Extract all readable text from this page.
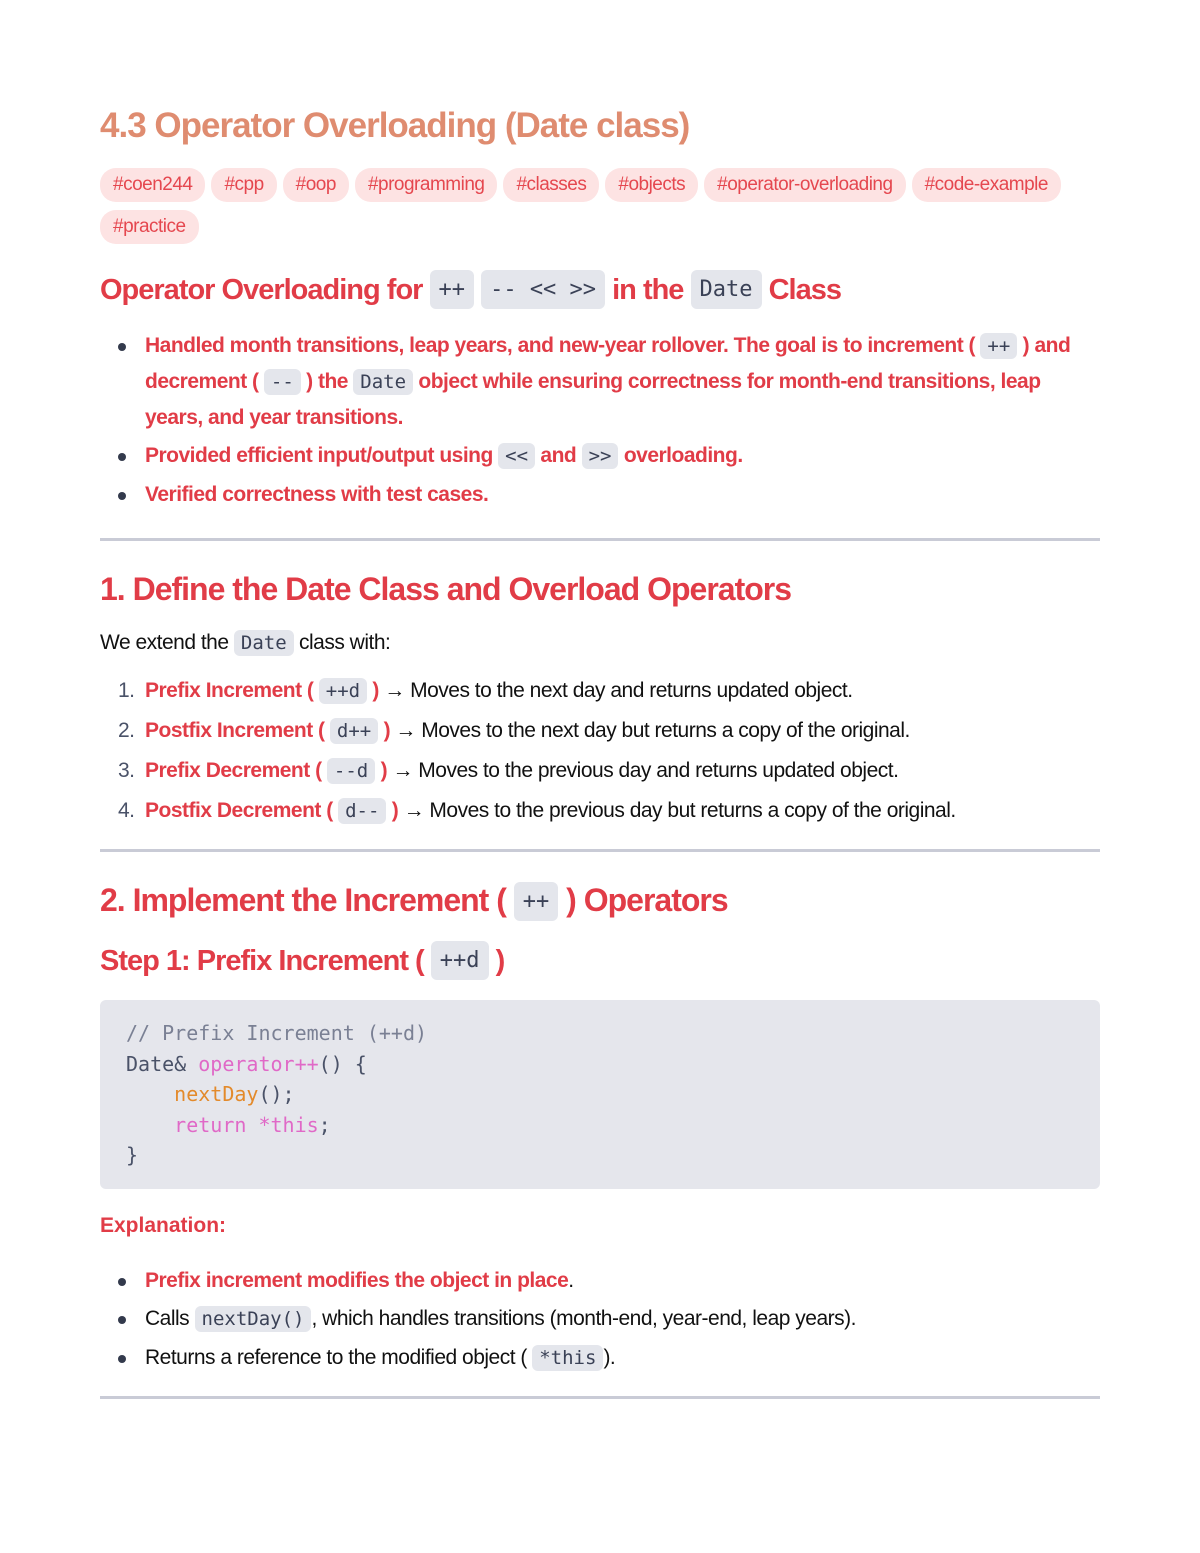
4.3 Operator Overloading (Date class)
#coen244	#cpp	#oop	#programming	#classes	#objects	#operator-overloading	#code-example
#practice
Operator Overloading for ++ -- << >> in the Date Class
Handled month transitions, leap years, and new-year rollover. The goal is to increment ( ++ ) and decrement ( -- ) the Date object while ensuring correctness for month-end transitions, leap years, and year transitions.
Provided efficient input/output using << and >> overloading.
Verified correctness with test cases.
1. Define the Date Class and Overload Operators

We extend the Date class with:

1. Prefix Increment ( ++d ) → Moves to the next day and returns updated object.
2. Postfix Increment ( d++ ) → Moves to the next day but returns a copy of the original.
3. Prefix Decrement ( --d ) → Moves to the previous day and returns updated object.
4. Postfix Decrement ( d-- ) → Moves to the previous day but returns a copy of the original.
2. Implement the Increment ( ++ ) Operators
Step 1: Prefix Increment ( ++d )
// Prefix Increment (++d)
Date& operator++() {
nextDay();
return *this;
}
Explanation:
Prefix increment modifies the object in place.
Calls nextDay() , which handles transitions (month-end, year-end, leap years).
Returns a reference to the modified object ( *this ).
